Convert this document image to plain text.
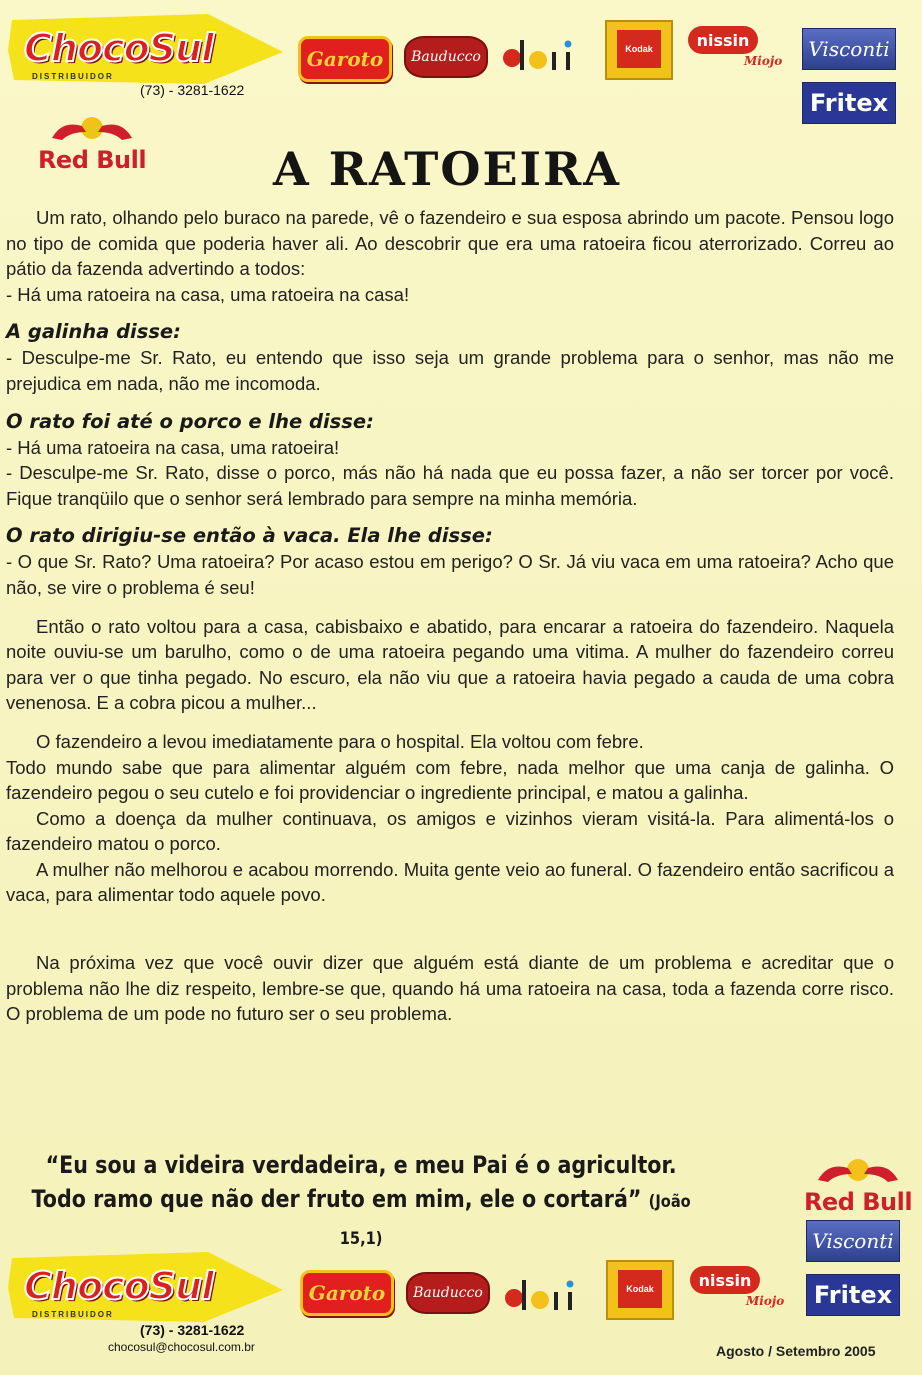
ChocoSul
DISTRIBUIDOR
(73) - 3281-1622
Garoto	Bauducco	Kodak	nissin
Miojo	Visconti
Fritex
Red Bull	A RATOEIRA

Um rato, olhando pelo buraco na parede, vê o fazendeiro e sua esposa abrindo um pacote. Pensou logo no tipo de comida que poderia haver ali. Ao descobrir que era uma ratoeira ficou aterrorizado. Correu ao pátio da fazenda advertindo a todos:

- Há uma ratoeira na casa, uma ratoeira na casa!

A galinha disse:

- Desculpe-me Sr. Rato, eu entendo que isso seja um grande problema para o senhor, mas não me prejudica em nada, não me incomoda.

O rato foi até o porco e lhe disse:

- Há uma ratoeira na casa, uma ratoeira!

- Desculpe-me Sr. Rato, disse o porco, más não há nada que eu possa fazer, a não ser torcer por você. Fique tranqüilo que o senhor será lembrado para sempre na minha memória.

O rato dirigiu-se então à vaca. Ela lhe disse:

- O que Sr. Rato? Uma ratoeira? Por acaso estou em perigo? O Sr. Já viu vaca em uma ratoeira? Acho que não, se vire o problema é seu!

Então o rato voltou para a casa, cabisbaixo e abatido, para encarar a ratoeira do fazendeiro. Naquela noite ouviu-se um barulho, como o de uma ratoeira pegando uma vitima. A mulher do fazendeiro correu para ver o que tinha pegado. No escuro, ela não viu que a ratoeira havia pegado a cauda de uma cobra venenosa. E a cobra picou a mulher...

O fazendeiro a levou imediatamente para o hospital. Ela voltou com febre.

Todo mundo sabe que para alimentar alguém com febre, nada melhor que uma canja de galinha. O fazendeiro pegou o seu cutelo e foi providenciar o ingrediente principal, e matou a galinha.

Como a doença da mulher continuava, os amigos e vizinhos vieram visitá-la. Para alimentá-los o fazendeiro matou o porco.

A mulher não melhorou e acabou morrendo. Muita gente veio ao funeral. O fazendeiro então sacrificou a vaca, para alimentar todo aquele povo.

Na próxima vez que você ouvir dizer que alguém está diante de um problema e acreditar que o problema não lhe diz respeito, lembre-se que, quando há uma ratoeira na casa, toda a fazenda corre risco. O problema de um pode no futuro ser o seu problema.

“Eu sou a videira verdadeira, e meu Pai é o agricultor.
Todo ramo que não der fruto em mim, ele o cortará” (João 15,1)
Red Bull
Visconti
ChocoSul
DISTRIBUIDOR
(73) - 3281-1622
Garoto	Bauducco	Kodak	nissin
Miojo	Fritex
chocosul@chocosul.com.br	Agosto / Setembro 2005
